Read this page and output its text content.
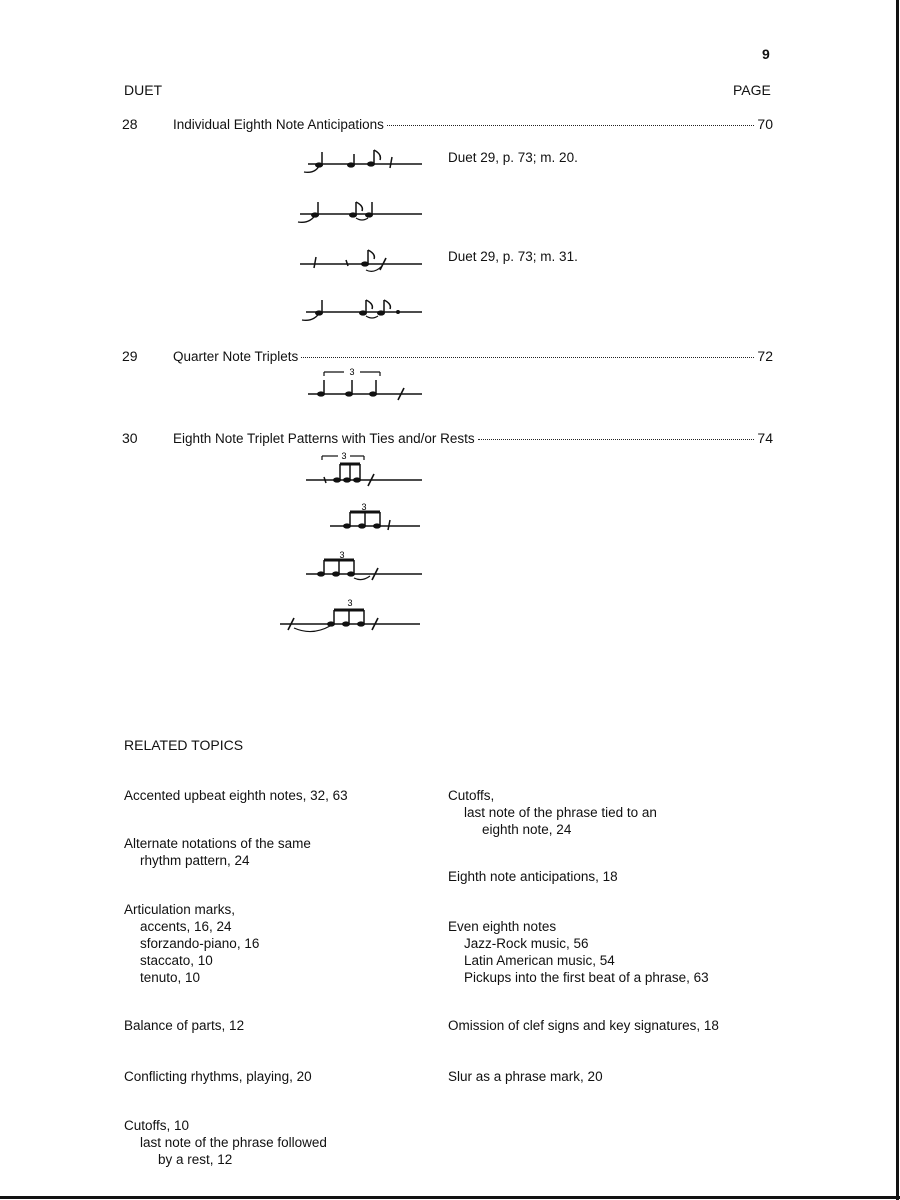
9
DUET	PAGE
28	Individual Eighth Note Anticipations	70
Duet 29, p. 73; m. 20.
Duet 29, p. 73; m. 31.
29	Quarter Note Triplets	72
3
30	Eighth Note Triplet Patterns with Ties and/or Rests	74
3
3
3
3
RELATED TOPICS
Accented upbeat eighth notes, 32, 63
Alternate notations of the same
rhythm pattern, 24
Articulation marks,
accents, 16, 24
sforzando-piano, 16
staccato, 10
tenuto, 10
Balance of parts, 12
Conflicting rhythms, playing, 20
Cutoffs, 10
last note of the phrase followed
by a rest, 12
Cutoffs,
last note of the phrase tied to an
eighth note, 24
Eighth note anticipations, 18
Even eighth notes
Jazz-Rock music, 56
Latin American music, 54
Pickups into the first beat of a phrase, 63
Omission of clef signs and key signatures, 18
Slur as a phrase mark, 20
